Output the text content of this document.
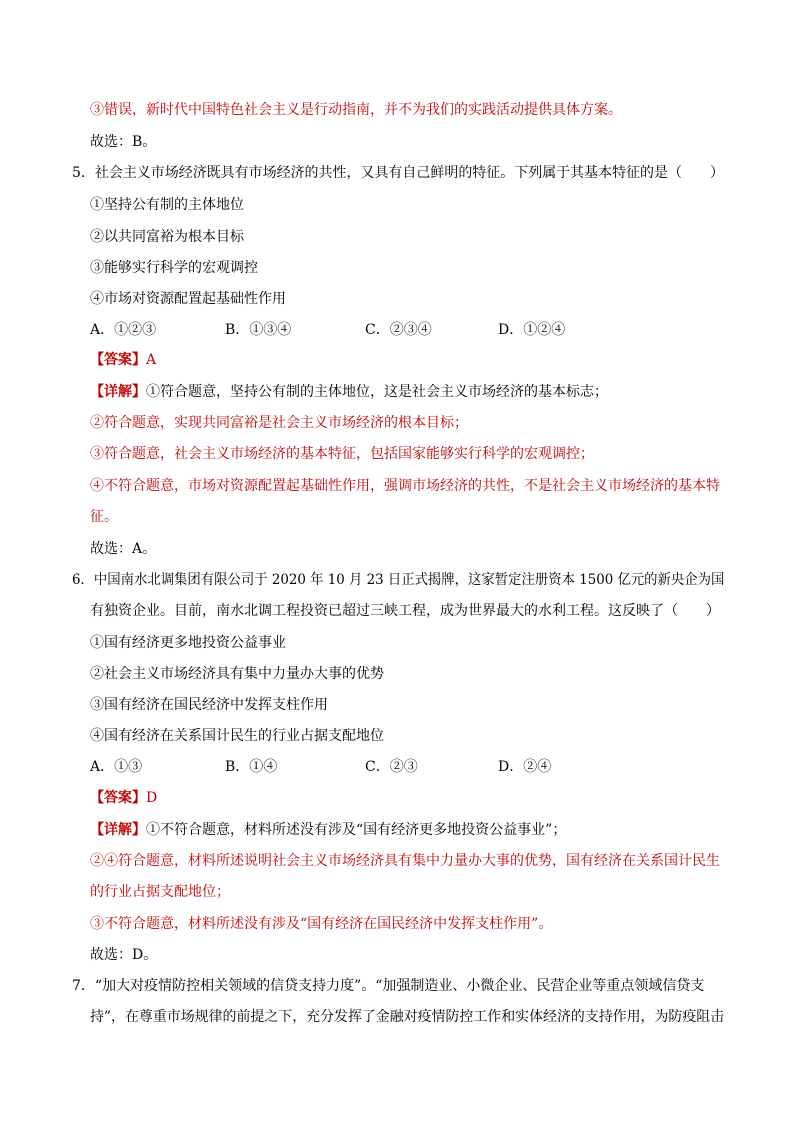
③错误，新时代中国特色社会主义是行动指南，并不为我们的实践活动提供具体方案。
故选：B。
5．社会主义市场经济既具有市场经济的共性，又具有自己鲜明的特征。下列属于其基本特征的是（　　）
①坚持公有制的主体地位
②以共同富裕为根本目标
③能够实行科学的宏观调控
④市场对资源配置起基础性作用
A．①②③	B．①③④	C．②③④	D．①②④
【答案】A
【详解】①符合题意，坚持公有制的主体地位，这是社会主义市场经济的基本标志；
②符合题意，实现共同富裕是社会主义市场经济的根本目标；
③符合题意，社会主义市场经济的基本特征，包括国家能够实行科学的宏观调控；
④不符合题意，市场对资源配置起基础性作用，强调市场经济的共性，不是社会主义市场经济的基本特
征。
故选：A。
6．中国南水北调集团有限公司于 2020 年 10 月 23 日正式揭牌，这家暂定注册资本 1500 亿元的新央企为国
有独资企业。目前，南水北调工程投资已超过三峡工程，成为世界最大的水利工程。这反映了（　　）
①国有经济更多地投资公益事业
②社会主义市场经济具有集中力量办大事的优势
③国有经济在国民经济中发挥支柱作用
④国有经济在关系国计民生的行业占据支配地位
A．①③	B．①④	C．②③	D．②④
【答案】D
【详解】①不符合题意，材料所述没有涉及“国有经济更多地投资公益事业”；
②④符合题意，材料所述说明社会主义市场经济具有集中力量办大事的优势，国有经济在关系国计民生
的行业占据支配地位；
③不符合题意，材料所述没有涉及“国有经济在国民经济中发挥支柱作用”。
故选：D。
7．“加大对疫情防控相关领域的信贷支持力度”。“加强制造业、小微企业、民营企业等重点领域信贷支
持”，在尊重市场规律的前提之下，充分发挥了金融对疫情防控工作和实体经济的支持作用，为防疫阻击
